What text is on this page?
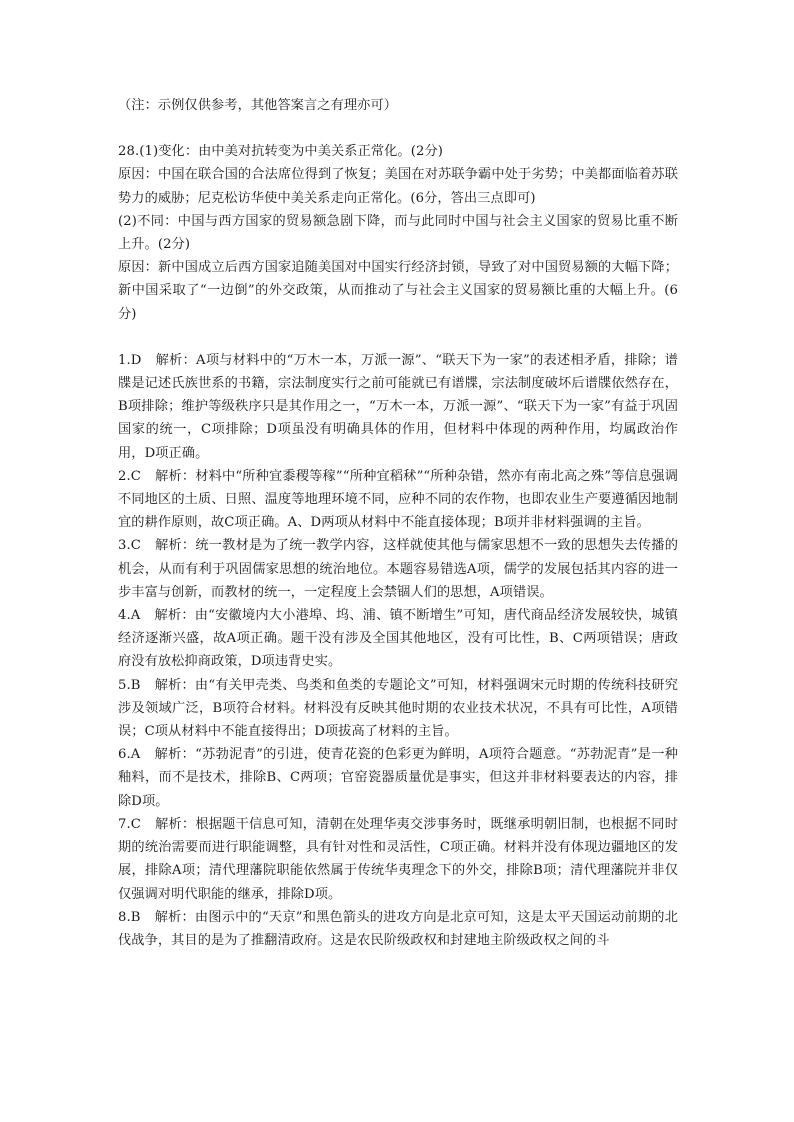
（注：示例仅供参考，其他答案言之有理亦可）

28.(1)变化：由中美对抗转变为中美关系正常化。(2分)

原因：中国在联合国的合法席位得到了恢复；美国在对苏联争霸中处于劣势；中美都面临着苏联势力的威胁；尼克松访华使中美关系走向正常化。(6分，答出三点即可)

(2)不同：中国与西方国家的贸易额急剧下降，而与此同时中国与社会主义国家的贸易比重不断上升。(2分)

原因：新中国成立后西方国家追随美国对中国实行经济封锁，导致了对中国贸易额的大幅下降；新中国采取了“一边倒”的外交政策，从而推动了与社会主义国家的贸易额比重的大幅上升。(6分)

1.D 解析：A项与材料中的“万木一本，万派一源”、“联天下为一家”的表述相矛盾，排除；谱牒是记述氏族世系的书籍，宗法制度实行之前可能就已有谱牒，宗法制度破坏后谱牒依然存在，B项排除；维护等级秩序只是其作用之一，“万木一本，万派一源”、“联天下为一家”有益于巩固国家的统一，C项排除；D项虽没有明确具体的作用，但材料中体现的两种作用，均属政治作用，D项正确。

2.C 解析：材料中“所种宜黍稷等稼”“所种宜稻秫”“所种杂错，然亦有南北高之殊”等信息强调不同地区的土质、日照、温度等地理环境不同，应种不同的农作物，也即农业生产要遵循因地制宜的耕作原则，故C项正确。A、D两项从材料中不能直接体现；B项并非材料强调的主旨。

3.C 解析：统一教材是为了统一教学内容，这样就使其他与儒家思想不一致的思想失去传播的机会，从而有利于巩固儒家思想的统治地位。本题容易错选A项，儒学的发展包括其内容的进一步丰富与创新，而教材的统一，一定程度上会禁锢人们的思想，A项错误。

4.A 解析：由“安徽境内大小港埠、坞、浦、镇不断增生”可知，唐代商品经济发展较快，城镇经济逐渐兴盛，故A项正确。题干没有涉及全国其他地区，没有可比性，B、C两项错误；唐政府没有放松抑商政策，D项违背史实。

5.B 解析：由“有关甲壳类、鸟类和鱼类的专题论文”可知，材料强调宋元时期的传统科技研究涉及领域广泛，B项符合材料。材料没有反映其他时期的农业技术状况，不具有可比性，A项错误；C项从材料中不能直接得出；D项拔高了材料的主旨。

6.A 解析：“苏勃泥青”的引进，使青花瓷的色彩更为鲜明，A项符合题意。“苏勃泥青”是一种釉料，而不是技术，排除B、C两项；官窑瓷器质量优是事实，但这并非材料要表达的内容，排除D项。

7.C 解析：根据题干信息可知，清朝在处理华夷交涉事务时，既继承明朝旧制，也根据不同时期的统治需要而进行职能调整，具有针对性和灵活性，C项正确。材料并没有体现边疆地区的发展，排除A项；清代理藩院职能依然属于传统华夷理念下的外交，排除B项；清代理藩院并非仅仅强调对明代职能的继承，排除D项。

8.B 解析：由图示中的“天京”和黑色箭头的进攻方向是北京可知，这是太平天国运动前期的北伐战争，其目的是为了推翻清政府。这是农民阶级政权和封建地主阶级政权之间的斗
